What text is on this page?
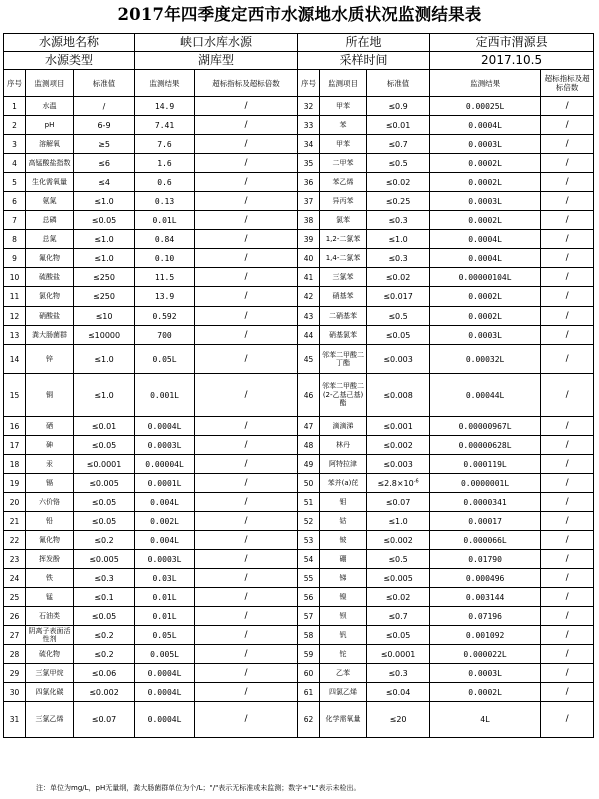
2017年四季度定西市水源地水质状况监测结果表
水源地名称			峡口水库水源		所在地			定西市渭源县	
水源类型			湖库型		采样时间			2017.10.5	
序号	监测项目	标准值	监测结果	超标指标及超标倍数	序号	监测项目	标准值	监测结果	超标指标及超标倍数
1	水温	/	14.9	/	32	甲苯	≤0.9	0.00025L	/
2	pH	6-9	7.41	/	33	苯	≤0.01	0.0004L	/
3	溶解氧	≥5	7.6	/	34	甲苯	≤0.7	0.0003L	/
4	高锰酸盐指数	≤6	1.6	/	35	二甲苯	≤0.5	0.0002L	/
5	生化需氧量	≤4	0.6	/	36	苯乙烯	≤0.02	0.0002L	/
6	氨氮	≤1.0	0.13	/	37	异丙苯	≤0.25	0.0003L	/
7	总磷	≤0.05	0.01L	/	38	氯苯	≤0.3	0.0002L	/
8	总氮	≤1.0	0.84	/	39	1,2-二氯苯	≤1.0	0.0004L	/
9	氟化物	≤1.0	0.10	/	40	1,4-二氯苯	≤0.3	0.0004L	/
10	硫酸盐	≤250	11.5	/	41	三氯苯	≤0.02	0.00000104L	/
11	氯化物	≤250	13.9	/	42	硝基苯	≤0.017	0.0002L	/
12	硝酸盐	≤10	0.592	/	43	二硝基苯	≤0.5	0.0002L	/
13	粪大肠菌群	≤10000	700	/	44	硝基氯苯	≤0.05	0.0003L	/
14	锌	≤1.0	0.05L	/	45	邻苯二甲酸二丁酯	≤0.003	0.00032L	/
15	铜	≤1.0	0.001L	/	46	邻苯二甲酸二(2-乙基己基)酯	≤0.008	0.00044L	/
16	硒	≤0.01	0.0004L	/	47	滴滴涕	≤0.001	0.00000967L	/
17	砷	≤0.05	0.0003L	/	48	林丹	≤0.002	0.00000628L	/
18	汞	≤0.0001	0.00004L	/	49	阿特拉津	≤0.003	0.000119L	/
19	镉	≤0.005	0.0001L	/	50	苯并(a)芘	$\le 2.8\times 10^{-6}$	0.0000001L	/
20	六价铬	≤0.05	0.004L	/	51	钼	≤0.07	0.0000341	/
21	铅	≤0.05	0.002L	/	52	钴	≤1.0	0.00017	/
22	氰化物	≤0.2	0.004L	/	53	铍	≤0.002	0.000066L	/
23	挥发酚	≤0.005	0.0003L	/	54	硼	≤0.5	0.01790	/
24	铁	≤0.3	0.03L	/	55	锑	≤0.005	0.000496	/
25	锰	≤0.1	0.01L	/	56	镍	≤0.02	0.003144	/
26	石油类	≤0.05	0.01L	/	57	钡	≤0.7	0.07196	/
27	阴离子表面活性剂	≤0.2	0.05L	/	58	钒	≤0.05	0.001092	/
28	硫化物	≤0.2	0.005L	/	59	铊	≤0.0001	0.000022L	/
29	三氯甲烷	≤0.06	0.0004L	/	60	乙苯	≤0.3	0.0003L	/
30	四氯化碳	≤0.002	0.0004L	/	61	四氯乙烯	≤0.04	0.0002L	/
31	三氯乙烯	≤0.07	0.0004L	/	62	化学需氧量	≤20	4L	/
注：单位为mg/L，pH无量纲，粪大肠菌群单位为个/L；"/"表示无标准或未监测；数字+"L"表示未检出。
